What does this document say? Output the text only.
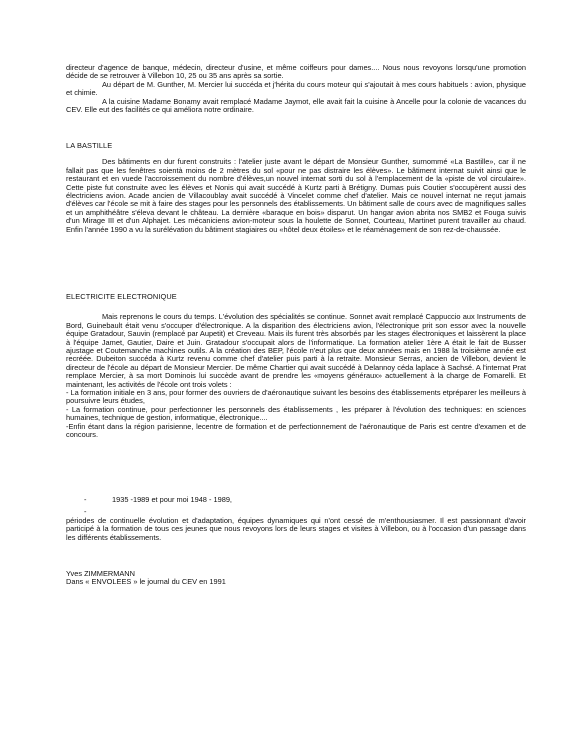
directeur d'agence de banque, médecin, directeur d'usine, et même coiffeurs pour dames.... Nous nous revoyons lorsqu'une promotion décide de se retrouver à Villebon 10, 25 ou 35 ans après sa sortie.

Au départ de M. Gunther, M. Mercier lui succéda et j'hérita du cours moteur qui s'ajoutait à mes cours habituels : avion, physique et chimie.

A la cuisine Madame Bonamy avait remplacé Madame Jaymot, elle avait fait la cuisine à Ancelle pour la colonie de vacances du CEV. Elle eut des facilités ce qui améliora notre ordinaire.

LA BASTILLE

Des bâtiments en dur furent construits : l'atelier juste avant le départ de Monsieur Gunther, surnommé «La Bastille», car il ne fallait pas que les fenêtres soientà moins de 2 mètres du sol «pour ne pas distraire les élèves». Le bâtiment internat suivit ainsi que le restaurant et en vuede l'accroissement du nombre d'élèves,un nouvel internat sorti du sol à l'emplacement de la «piste de vol circulaire». Cette piste fut construite avec les élèves et Nonis qui avait succédé à Kurtz parti à Brétigny. Dumas puis Coutier s'occupèrent aussi des électriciens avion. Acade ancien de Villacoublay avait succédé à Vincelet comme chef d'atelier. Mais ce nouvel internat ne reçut jamais d'élèves car l'école se mit à faire des stages pour les personnels des établissements. Un bâtiment salle de cours avec de magnifiques salles et un amphithéâtre s'éleva devant le château. La dernière «baraque en bois» disparut. Un hangar avion abrita nos SMB2 et Fouga suivis d'un Mirage III et d'un Alphajet. Les mécaniciens avion-moteur sous la houlette de Sonnet, Courteau, Martinet purent travailler au chaud. Enfin l'année 1990 a vu la surélévation du bâtiment stagiaires ou «hôtel deux étoiles» et le réaménagement de son rez-de-chaussée.

ELECTRICITE ELECTRONIQUE

Mais reprenons le cours du temps. L'évolution des spécialités se continue. Sonnet avait remplacé Cappuccio aux Instruments de Bord, Guinebault était venu s'occuper d'électronique. A la disparition des électriciens avion, l'électronique prit son essor avec la nouvelle équipe Gratadour, Sauvin (remplacé par Aupetit) et Creveau. Mais ils furent très absorbés par les stages électroniques et laissèrent la place à l'équipe Jamet, Gautier, Daire et Juin. Gratadour s'occupait alors de l'informatique. La formation atelier 1ère A était le fait de Busser ajustage et Coutemanche machines outils. A la création des BEP, l'école n'eut plus que deux années mais en 1988 la troisième année est recréée. Dubeiton succéda à Kurtz revenu comme chef d'atelier puis parti à la retraite. Monsieur Serras, ancien de Villebon, devient le directeur de l'école au départ de Monsieur Mercier. De même Chartier qui avait succédé à Delannoy céda laplace à Sachsé. A l'internat Prat remplace Mercier, à sa mort Dominois lui succède avant de prendre les «moyens généraux» actuellement à la charge de Fomarelli. Et maintenant, les activités de l'école ont trois volets :

- La formation initiale en 3 ans, pour former des ouvriers de d'aéronautique suivant les besoins des établissements etpréparer les meilleurs à poursuivre leurs études,

- La formation continue, pour perfectionner les personnels des établissements , les préparer à l'évolution des techniques: en sciences humaines, technique de gestion, informatique, électronique....

-Enfin étant dans la région parisienne, lecentre de formation et de perfectionnement de l'aéronautique de Paris est centre d'examen et de concours.

-	1935 -1989 et pour moi 1948 - 1989,
-

périodes de continuelle évolution et d'adaptation, équipes dynamiques qui n'ont cessé de m'enthousiasmer. Il est passionnant d'avoir participé à la formation de tous ces jeunes que nous revoyons lors de leurs stages et visites à Villebon, ou à l'occasion d'un passage dans les différents établissements.

Yves ZIMMERMANN
Dans « ENVOLEES » le journal du CEV en 1991
